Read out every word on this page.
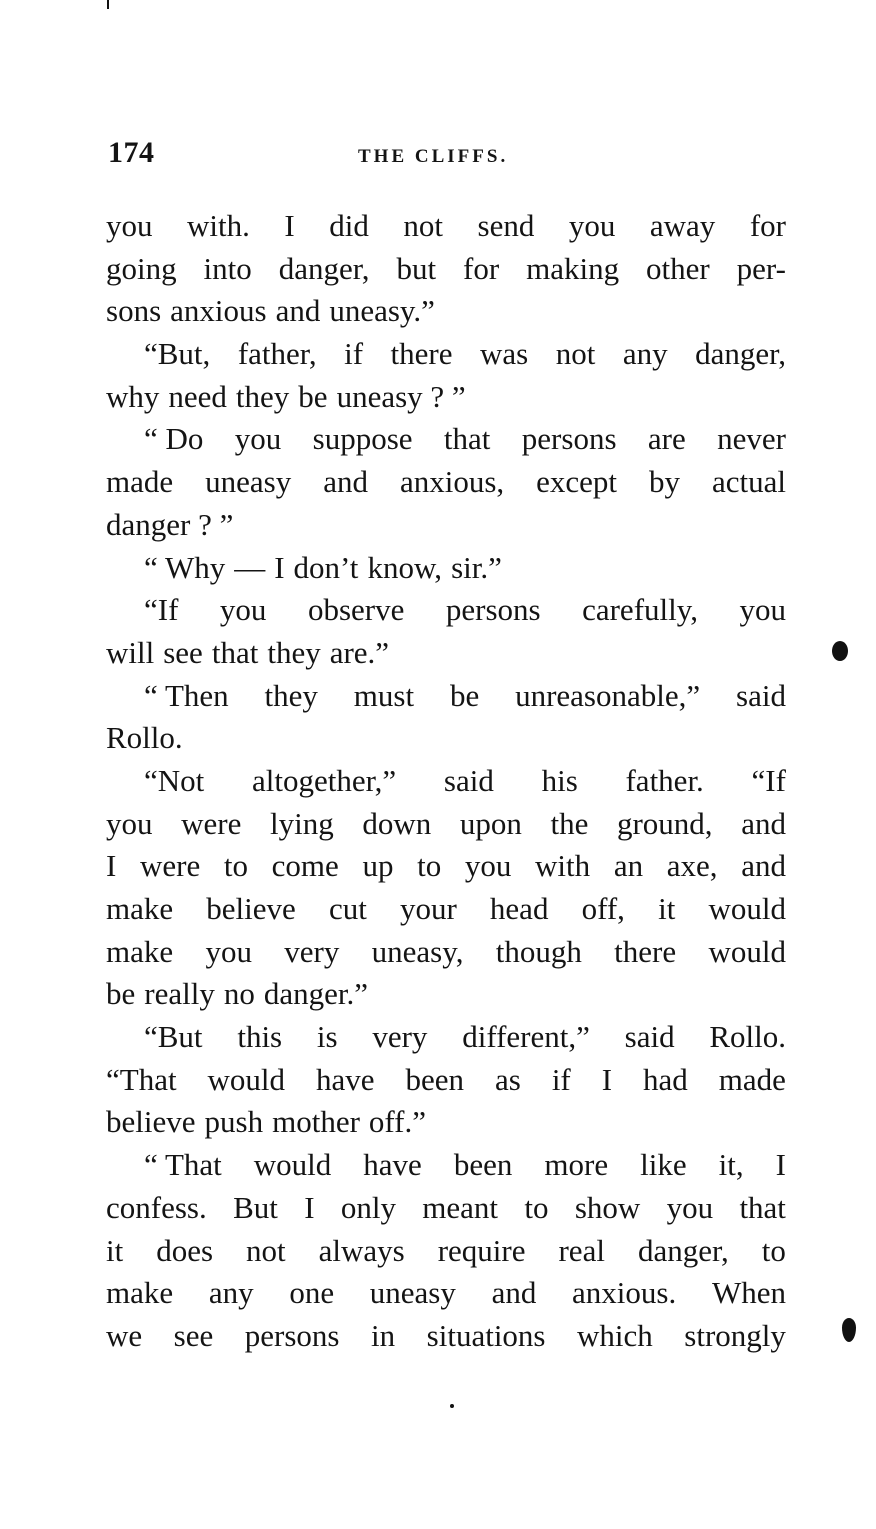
174	THE CLIFFS.
you with. I did not send you away for
going into danger, but for making other per-
sons anxious and uneasy.”
“But, father, if there was not any danger,
why need they be uneasy ? ”
“ Do you suppose that persons are never
made uneasy and anxious, except by actual
danger ? ”
“ Why — I don’t know, sir.”
“If you observe persons carefully, you
will see that they are.”
“ Then they must be unreasonable,” said
Rollo.
“Not altogether,” said his father. “If
you were lying down upon the ground, and
I were to come up to you with an axe, and
make believe cut your head off, it would
make you very uneasy, though there would
be really no danger.”
“But this is very different,” said Rollo.
“That would have been as if I had made
believe push mother off.”
“ That would have been more like it, I
confess. But I only meant to show you that
it does not always require real danger, to
make any one uneasy and anxious. When
we see persons in situations which strongly
